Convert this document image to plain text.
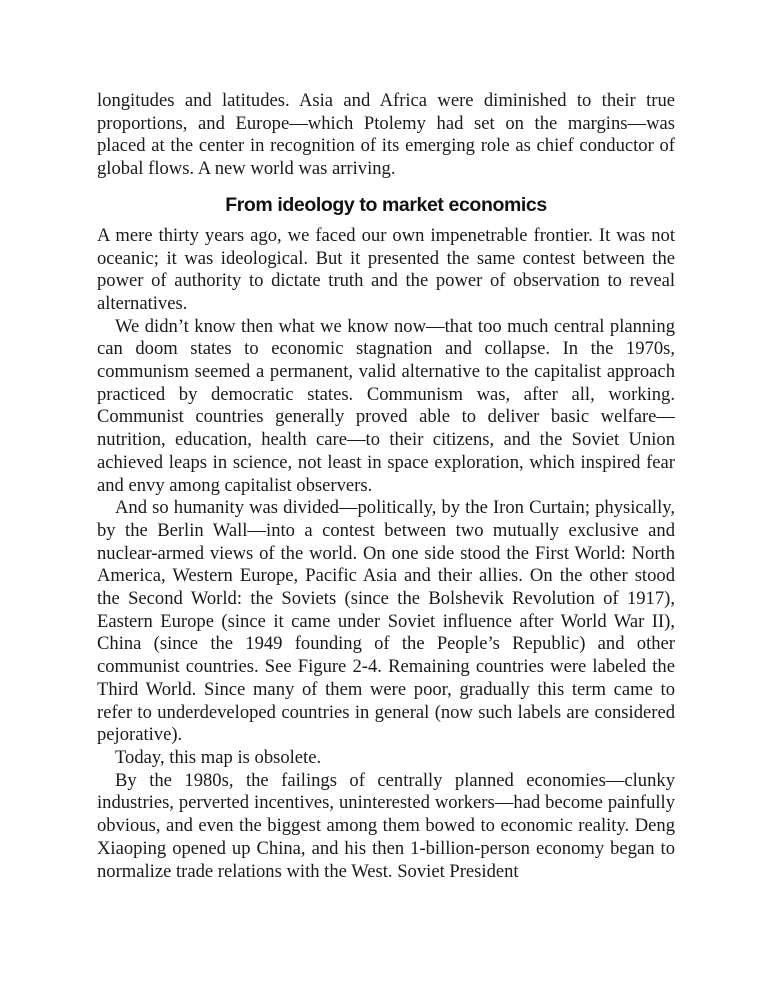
longitudes and latitudes. Asia and Africa were diminished to their true proportions, and Europe—which Ptolemy had set on the margins—was placed at the center in recognition of its emerging role as chief conductor of global flows. A new world was arriving.

From ideology to market economics

A mere thirty years ago, we faced our own impenetrable frontier. It was not oceanic; it was ideological. But it presented the same contest between the power of authority to dictate truth and the power of observation to reveal alternatives.

We didn’t know then what we know now—that too much central planning can doom states to economic stagnation and collapse. In the 1970s, communism seemed a permanent, valid alternative to the capitalist approach practiced by democratic states. Communism was, after all, working. Communist countries generally proved able to deliver basic welfare—nutrition, education, health care—to their citizens, and the Soviet Union achieved leaps in science, not least in space exploration, which inspired fear and envy among capitalist observers.

And so humanity was divided—politically, by the Iron Curtain; physically, by the Berlin Wall—into a contest between two mutually exclusive and nuclear-armed views of the world. On one side stood the First World: North America, Western Europe, Pacific Asia and their allies. On the other stood the Second World: the Soviets (since the Bolshevik Revolution of 1917), Eastern Europe (since it came under Soviet influence after World War II), China (since the 1949 founding of the People’s Republic) and other communist countries. See Figure 2-4. Remaining countries were labeled the Third World. Since many of them were poor, gradually this term came to refer to underdeveloped countries in general (now such labels are considered pejorative).

Today, this map is obsolete.

By the 1980s, the failings of centrally planned economies—clunky industries, perverted incentives, uninterested workers—had become painfully obvious, and even the biggest among them bowed to economic reality. Deng Xiaoping opened up China, and his then 1-billion-person economy began to normalize trade relations with the West. Soviet President
